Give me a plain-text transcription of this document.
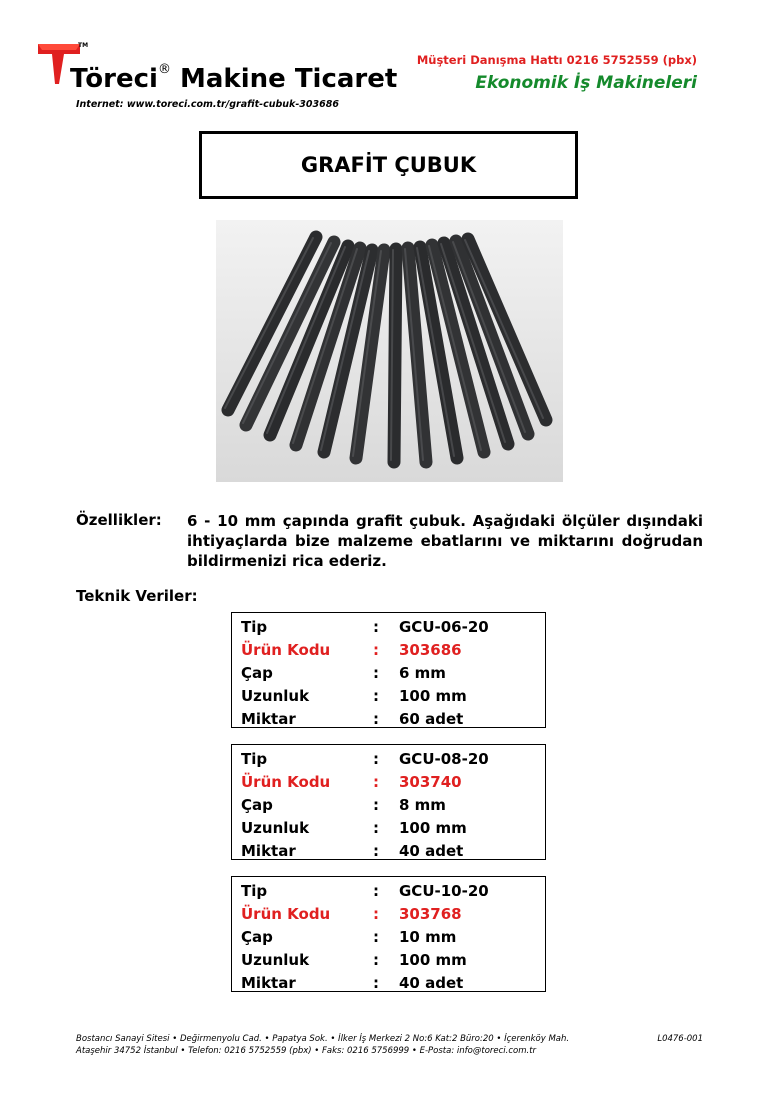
TM
Töreci® Makine Ticaret
Internet: www.toreci.com.tr/grafit-cubuk-303686
Müşteri Danışma Hattı 0216 5752559 (pbx)
Ekonomik İş Makineleri
GRAFİT ÇUBUK
Özellikler: 6 - 10 mm çapında grafit çubuk. Aşağıdaki ölçüler dışındaki ihtiyaçlarda bize malzeme ebatlarını ve miktarını doğrudan bildirmenizi rica ederiz.
Teknik Veriler:
Tip	:	GCU-06-20
Ürün Kodu	:	303686
Çap	:	6 mm
Uzunluk	:	100 mm
Miktar	:	60 adet
Tip	:	GCU-08-20
Ürün Kodu	:	303740
Çap	:	8 mm
Uzunluk	:	100 mm
Miktar	:	40 adet
Tip	:	GCU-10-20
Ürün Kodu	:	303768
Çap	:	10 mm
Uzunluk	:	100 mm
Miktar	:	40 adet
Bostancı Sanayi Sitesi • Değirmenyolu Cad. • Papatya Sok. • İlker İş Merkezi 2 No:6 Kat:2 Büro:20 • İçerenköy Mah.
Ataşehir 34752 İstanbul • Telefon: 0216 5752559 (pbx) • Faks: 0216 5756999 • E-Posta: info@toreci.com.tr
L0476-001
